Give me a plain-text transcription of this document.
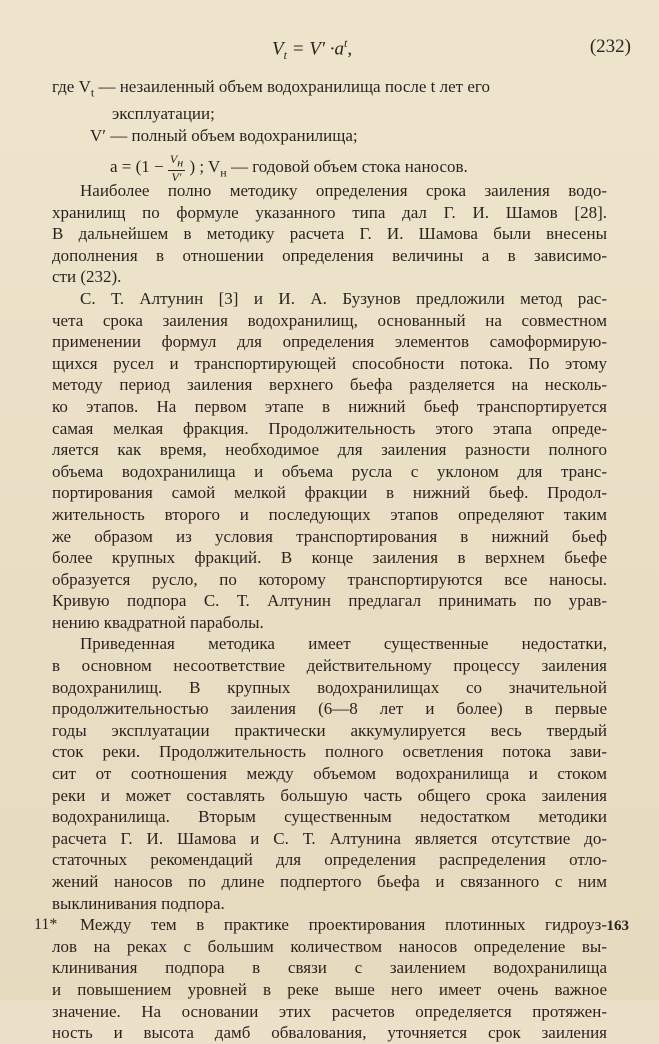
$V_t = V' \cdot a^t$,	(232)
где $V_t$ — незаиленный объем водохранилища после t лет его
эксплуатации;
V′ — полный объем водохранилища;
$a = (1 - \frac{Vн}{V'}$ ) ; $V_н$ — годовой объем стока наносов.
Наиболее полно методику определения срока заиления водо-
хранилищ по формуле указанного типа дал Г. И. Шамов [28].
В дальнейшем в методику расчета Г. И. Шамова были внесены
дополнения в отношении определения величины a в зависимо-
сти (232).
С. Т. Алтунин [3] и И. А. Бузунов предложили метод рас-
чета срока заиления водохранилищ, основанный на совместном
применении формул для определения элементов самоформирую-
щихся русел и транспортирующей способности потока. По этому
методу период заиления верхнего бьефа разделяется на несколь-
ко этапов. На первом этапе в нижний бьеф транспортируется
самая мелкая фракция. Продолжительность этого этапа опреде-
ляется как время, необходимое для заиления разности полного
объема водохранилища и объема русла с уклоном для транс-
портирования самой мелкой фракции в нижний бьеф. Продол-
жительность второго и последующих этапов определяют таким
же образом из условия транспортирования в нижний бьеф
более крупных фракций. В конце заиления в верхнем бьефе
образуется русло, по которому транспортируются все наносы.
Кривую подпора С. Т. Алтунин предлагал принимать по урав-
нению квадратной параболы.
Приведенная методика имеет существенные недостатки,
в основном несоответствие действительному процессу заиления
водохранилищ. В крупных водохранилищах со значительной
продолжительностью заиления (6—8 лет и более) в первые
годы эксплуатации практически аккумулируется весь твердый
сток реки. Продолжительность полного осветления потока зави-
сит от соотношения между объемом водохранилища и стоком
реки и может составлять большую часть общего срока заиления
водохранилища. Вторым существенным недостатком методики
расчета Г. И. Шамова и С. Т. Алтунина является отсутствие до-
статочных рекомендаций для определения распределения отло-
жений наносов по длине подпертого бьефа и связанного с ним
выклинивания подпора.
Между тем в практике проектирования плотинных гидроуз-
лов на реках с большим количеством наносов определение вы-
клинивания подпора в связи с заилением водохранилища
и повышением уровней в реке выше него имеет очень важное
значение. На основании этих расчетов определяется протяжен-
ность и высота дамб обвалования, уточняется срок заиления
11*	163
